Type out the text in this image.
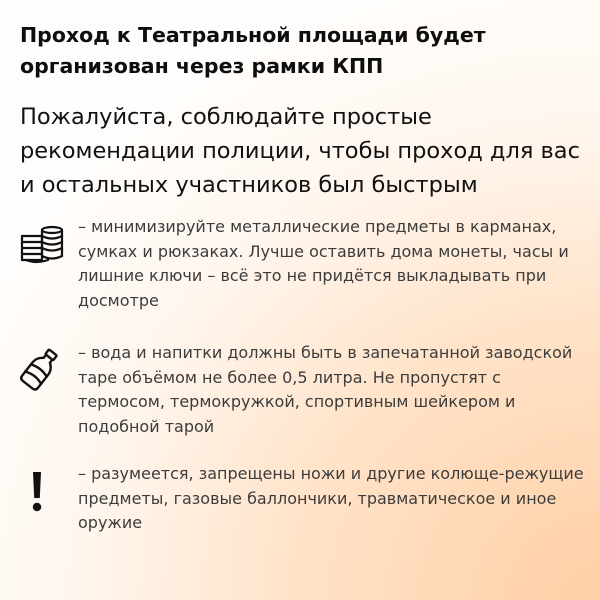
Проход к Театральной площади будет организован через рамки КПП

Пожалуйста, соблюдайте простые рекомендации полиции, чтобы проход для вас и остальных участников был быстрым

– минимизируйте металлические предметы в карманах, сумках и рюкзаках. Лучше оставить дома монеты, часы и лишние ключи – всё это не придётся выкладывать при досмотре
– вода и напитки должны быть в запечатанной заводской таре объёмом не более 0,5 литра. Не пропустят с термосом, термокружкой, спортивным шейкером и подобной тарой
– разумеется, запрещены ножи и другие колюще-режущие предметы, газовые баллончики, травматическое и иное оружие
